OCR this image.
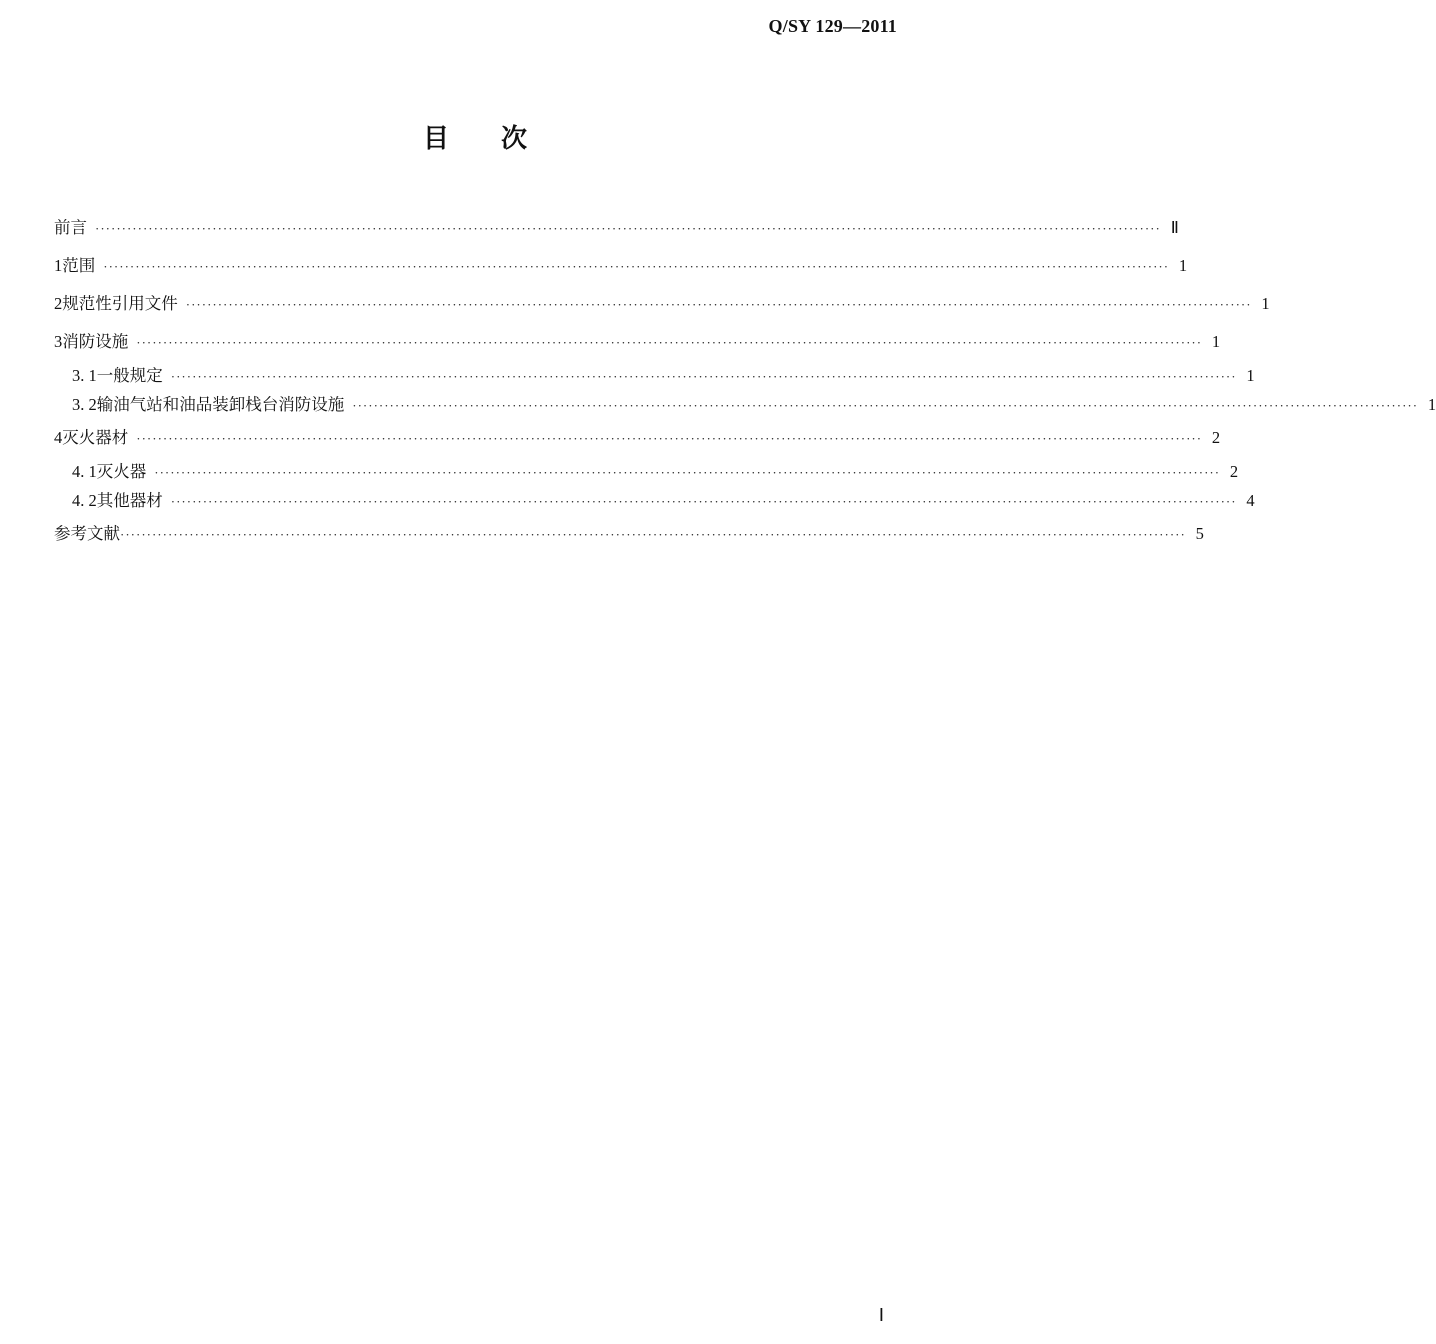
Q/SY 129—2011
目次
前言 ········································································································································································································ Ⅱ
1 范围 ········································································································································································································ 1
2 规范性引用文件 ········································································································································································································ 1
3 消防设施 ········································································································································································································ 1
3. 1 一般规定 ········································································································································································································ 1
3. 2 输油气站和油品装卸栈台消防设施 ········································································································································································································ 1
4 灭火器材 ········································································································································································································ 2
4. 1 灭火器 ········································································································································································································ 2
4. 2 其他器材 ········································································································································································································ 4
参考文献 ········································································································································································································ 5
Ⅰ
